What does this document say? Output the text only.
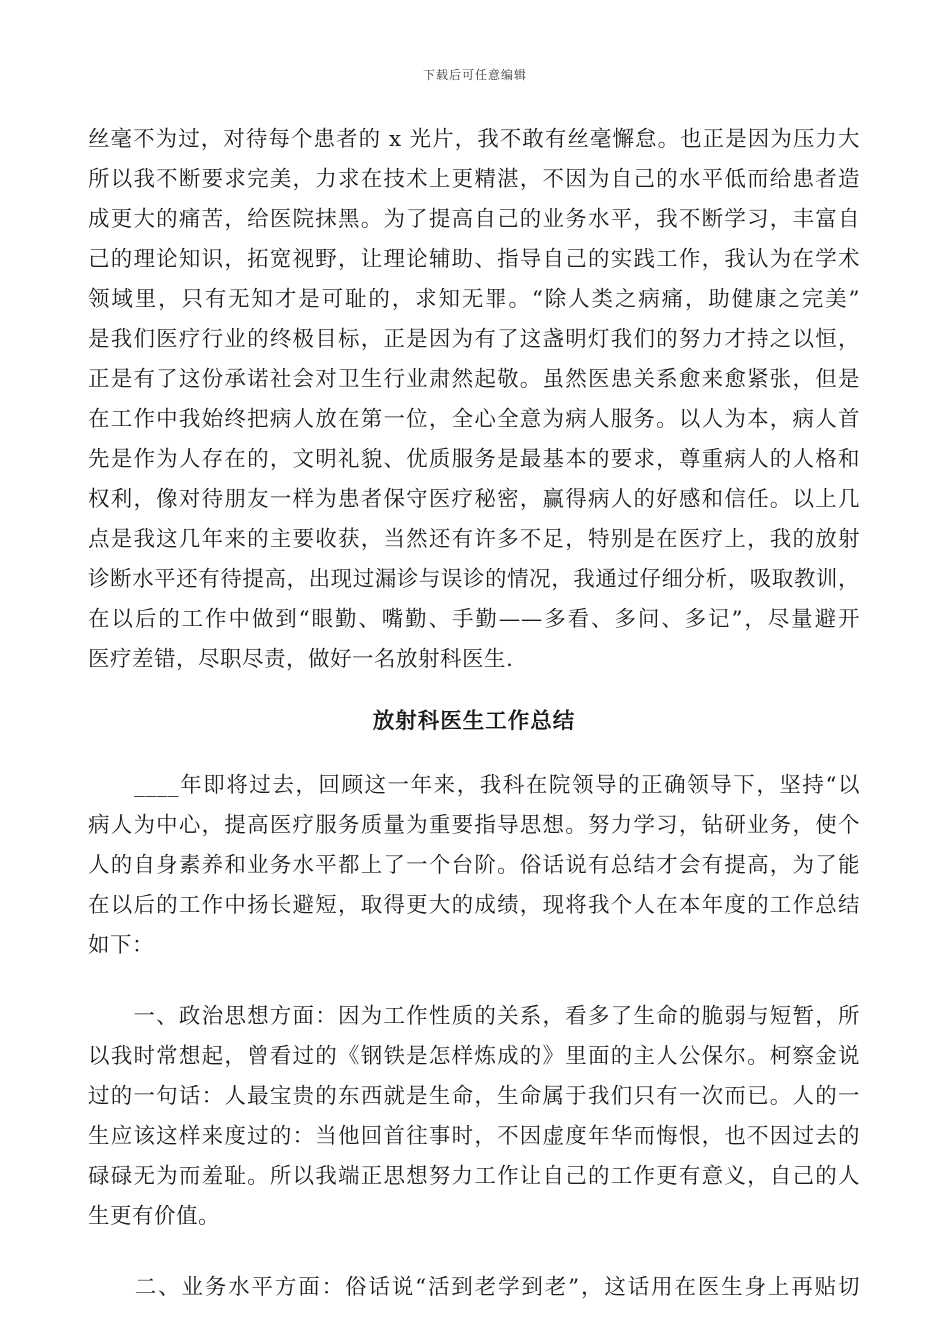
下载后可任意编辑
丝毫不为过，对待每个患者的 x 光片，我不敢有丝毫懈怠。也正是因为压力大
所以我不断要求完美，力求在技术上更精湛，不因为自己的水平低而给患者造
成更大的痛苦，给医院抹黑。为了提高自己的业务水平，我不断学习，丰富自
己的理论知识，拓宽视野，让理论辅助、指导自己的实践工作，我认为在学术
领域里，只有无知才是可耻的，求知无罪。“除人类之病痛，助健康之完美”
是我们医疗行业的终极目标，正是因为有了这盏明灯我们的努力才持之以恒，
正是有了这份承诺社会对卫生行业肃然起敬。虽然医患关系愈来愈紧张，但是
在工作中我始终把病人放在第一位，全心全意为病人服务。以人为本，病人首
先是作为人存在的，文明礼貌、优质服务是最基本的要求，尊重病人的人格和
权利，像对待朋友一样为患者保守医疗秘密，赢得病人的好感和信任。以上几
点是我这几年来的主要收获，当然还有许多不足，特别是在医疗上，我的放射
诊断水平还有待提高，出现过漏诊与误诊的情况，我通过仔细分析，吸取教训，
在以后的工作中做到“眼勤、嘴勤、手勤——多看、多问、多记”，尽量避开
医疗差错，尽职尽责，做好一名放射科医生.
放射科医生工作总结
　　____年即将过去，回顾这一年来，我科在院领导的正确领导下，坚持“以
病人为中心，提高医疗服务质量为重要指导思想。努力学习，钻研业务，使个
人的自身素养和业务水平都上了一个台阶。俗话说有总结才会有提高，为了能
在以后的工作中扬长避短，取得更大的成绩，现将我个人在本年度的工作总结
如下：
　　一、政治思想方面：因为工作性质的关系，看多了生命的脆弱与短暂，所
以我时常想起，曾看过的《钢铁是怎样炼成的》里面的主人公保尔。柯察金说
过的一句话：人最宝贵的东西就是生命，生命属于我们只有一次而已。人的一
生应该这样来度过的：当他回首往事时，不因虚度年华而悔恨，也不因过去的
碌碌无为而羞耻。所以我端正思想努力工作让自己的工作更有意义，自己的人
生更有价值。
　　二、业务水平方面：俗话说“活到老学到老”，这话用在医生身上再贴切
